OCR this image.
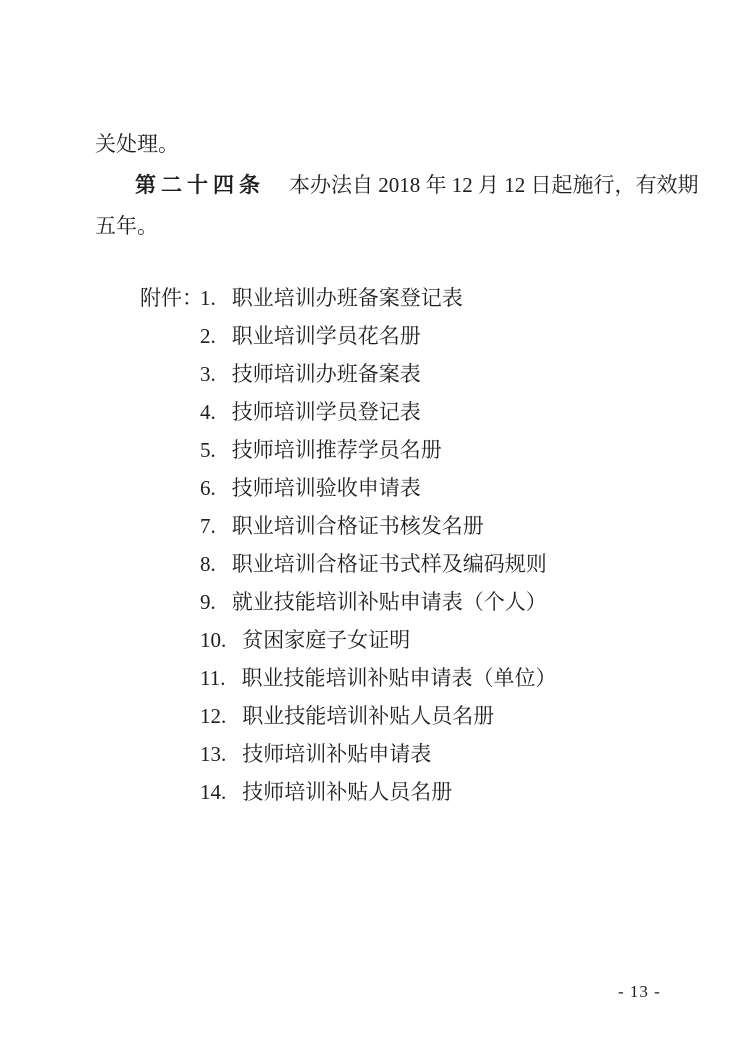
关处理。

第二十四条 本办法自 2018 年 12 月 12 日起施行，有效期

五年。

附件：
1. 职业培训办班备案登记表
2. 职业培训学员花名册
3. 技师培训办班备案表
4. 技师培训学员登记表
5. 技师培训推荐学员名册
6. 技师培训验收申请表
7. 职业培训合格证书核发名册
8. 职业培训合格证书式样及编码规则
9. 就业技能培训补贴申请表（个人）
10. 贫困家庭子女证明
11. 职业技能培训补贴申请表（单位）
12. 职业技能培训补贴人员名册
13. 技师培训补贴申请表
14. 技师培训补贴人员名册
- 13 -
